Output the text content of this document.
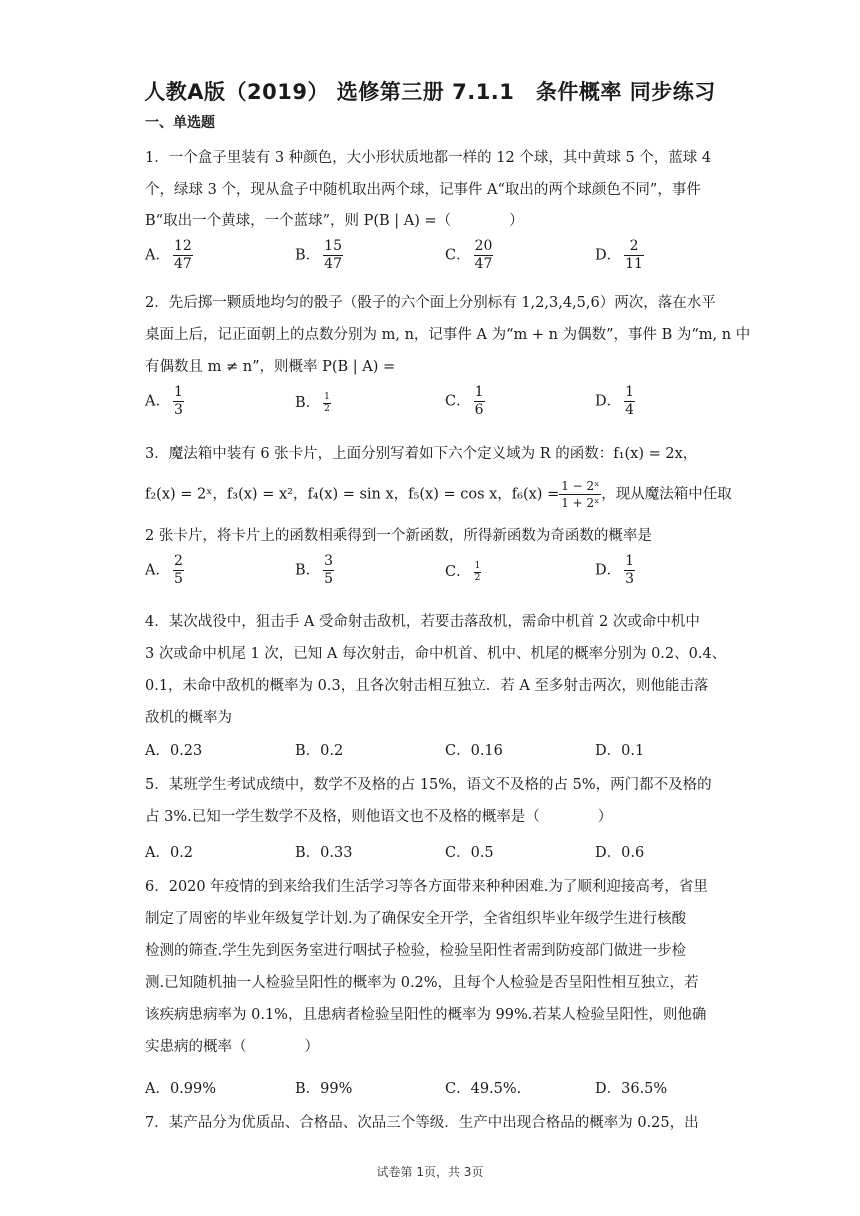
人教A版（2019） 选修第三册 7.1.1　条件概率 同步练习
一、单选题
1．一个盒子里装有 3 种颜色，大小形状质地都一样的 12 个球，其中黄球 5 个，蓝球 4
个，绿球 3 个，现从盒子中随机取出两个球，记事件 A“取出的两个球颜色不同”，事件
B“取出一个黄球，一个蓝球”，则 P(B | A) =（　　　　）
A． $\frac{12}{47}$	B． $\frac{15}{47}$	C． $\frac{20}{47}$	D． $\frac{2}{11}$
2．先后掷一颗质地均匀的骰子（骰子的六个面上分别标有 1,2,3,4,5,6）两次，落在水平
桌面上后，记正面朝上的点数分别为 m, n，记事件 A 为“m + n 为偶数”，事件 B 为“m, n 中
有偶数且 m ≠ n”，则概率 P(B | A) =
A． $\frac{1}{3}$	B． $\frac{1}{2}$	C． $\frac{1}{6}$	D． $\frac{1}{4}$
3．魔法箱中装有 6 张卡片，上面分别写着如下六个定义域为 R 的函数：f₁(x) = 2x，
f₂(x) = 2ˣ，f₃(x) = x²，f₄(x) = sin x，f₅(x) = cos x，$f_6(x) = \frac{\text{1 − 2ˣ}}{\text{1 + 2ˣ}}$ ，现从魔法箱中任取
2 张卡片，将卡片上的函数相乘得到一个新函数，所得新函数为奇函数的概率是
A． $\frac{2}{5}$	B． $\frac{3}{5}$	C． $\frac{1}{2}$	D． $\frac{1}{3}$
4．某次战役中，狙击手 A 受命射击敌机，若要击落敌机，需命中机首 2 次或命中机中
3 次或命中机尾 1 次，已知 A 每次射击，命中机首、机中、机尾的概率分别为 0.2、0.4、
0.1，未命中敌机的概率为 0.3，且各次射击相互独立．若 A 至多射击两次，则他能击落
敌机的概率为
A．0.23	B．0.2	C．0.16	D．0.1
5．某班学生考试成绩中，数学不及格的占 15%，语文不及格的占 5%，两门都不及格的
占 3%.已知一学生数学不及格，则他语文也不及格的概率是（　　　　）
A．0.2	B．0.33	C．0.5	D．0.6
6．2020 年疫情的到来给我们生活学习等各方面带来种种困难.为了顺利迎接高考，省里
制定了周密的毕业年级复学计划.为了确保安全开学，全省组织毕业年级学生进行核酸
检测的筛查.学生先到医务室进行咽拭子检验，检验呈阳性者需到防疫部门做进一步检
测.已知随机抽一人检验呈阳性的概率为 0.2%，且每个人检验是否呈阳性相互独立，若
该疾病患病率为 0.1%，且患病者检验呈阳性的概率为 99%.若某人检验呈阳性，则他确
实患病的概率（　　　　）
A．0.99%	B．99%	C．49.5%.	D．36.5%
7．某产品分为优质品、合格品、次品三个等级．生产中出现合格品的概率为 0.25，出
试卷第 1页，共 3页
